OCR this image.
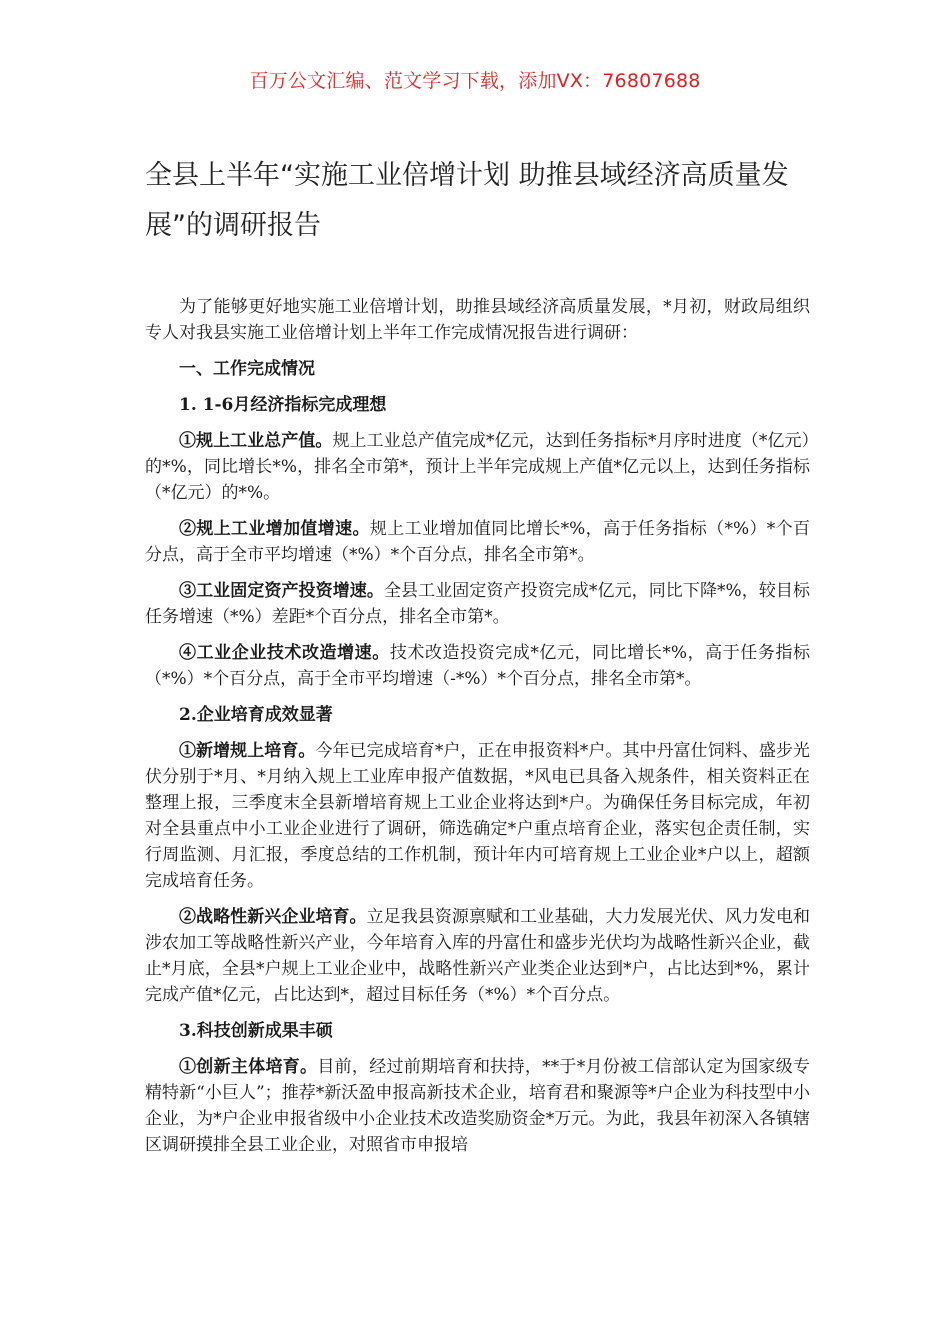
百万公文汇编、范文学习下载，添加VX：76807688
全县上半年“实施工业倍增计划 助推县域经济高质量发展”的调研报告

为了能够更好地实施工业倍增计划，助推县域经济高质量发展，*月初，财政局组织专人对我县实施工业倍增计划上半年工作完成情况报告进行调研：

一、工作完成情况

1. 1-6月经济指标完成理想

①规上工业总产值。规上工业总产值完成*亿元，达到任务指标*月序时进度（*亿元）的*%，同比增长*%，排名全市第*，预计上半年完成规上产值*亿元以上，达到任务指标（*亿元）的*%。

②规上工业增加值增速。规上工业增加值同比增长*%，高于任务指标（*%）*个百分点，高于全市平均增速（*%）*个百分点，排名全市第*。

③工业固定资产投资增速。全县工业固定资产投资完成*亿元，同比下降*%，较目标任务增速（*%）差距*个百分点，排名全市第*。

④工业企业技术改造增速。技术改造投资完成*亿元，同比增长*%，高于任务指标（*%）*个百分点，高于全市平均增速（-*%）*个百分点，排名全市第*。

2.企业培育成效显著

①新增规上培育。今年已完成培育*户，正在申报资料*户。其中丹富仕饲料、盛步光伏分别于*月、*月纳入规上工业库申报产值数据，*风电已具备入规条件，相关资料正在整理上报，三季度末全县新增培育规上工业企业将达到*户。为确保任务目标完成，年初对全县重点中小工业企业进行了调研，筛选确定*户重点培育企业，落实包企责任制，实行周监测、月汇报，季度总结的工作机制，预计年内可培育规上工业企业*户以上，超额完成培育任务。

②战略性新兴企业培育。立足我县资源禀赋和工业基础，大力发展光伏、风力发电和涉农加工等战略性新兴产业，今年培育入库的丹富仕和盛步光伏均为战略性新兴企业，截止*月底，全县*户规上工业企业中，战略性新兴产业类企业达到*户，占比达到*%，累计完成产值*亿元，占比达到*，超过目标任务（*%）*个百分点。

3.科技创新成果丰硕

①创新主体培育。目前，经过前期培育和扶持，**于*月份被工信部认定为国家级专精特新“小巨人”；推荐*新沃盈申报高新技术企业，培育君和聚源等*户企业为科技型中小企业，为*户企业申报省级中小企业技术改造奖励资金*万元。为此，我县年初深入各镇辖区调研摸排全县工业企业，对照省市申报培
